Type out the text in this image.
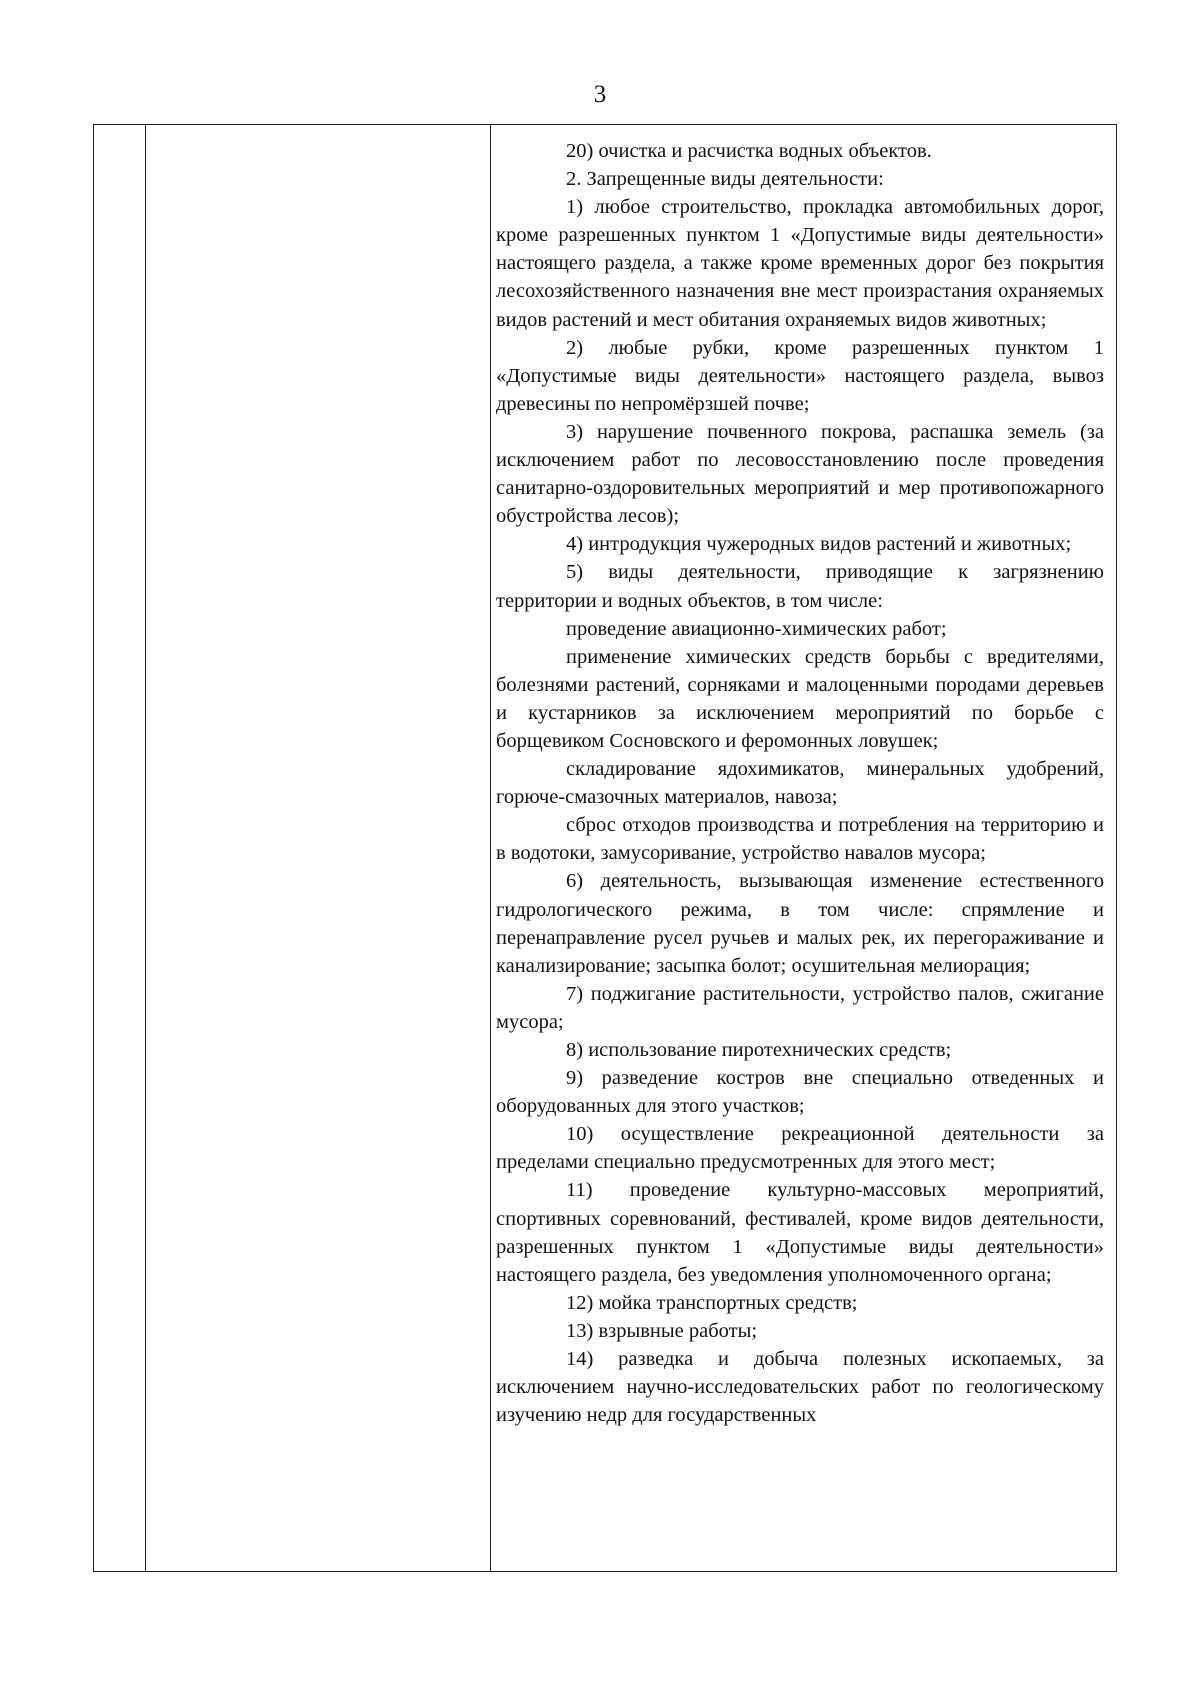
3

20) очистка и расчистка водных объектов.

2. Запрещенные виды деятельности:

1) любое строительство, прокладка автомобильных дорог, кроме разрешенных пунктом 1 «Допустимые виды деятельности» настоящего раздела, а также кроме временных дорог без покрытия лесохозяйственного назначения вне мест произрастания охраняемых видов растений и мест обитания охраняемых видов животных;

2) любые рубки, кроме разрешенных пунктом 1 «Допустимые виды деятельности» настоящего раздела, вывоз древесины по непромёрзшей почве;

3) нарушение почвенного покрова, распашка земель (за исключением работ по лесовосстановлению после проведения санитарно-оздоровительных мероприятий и мер противопожарного обустройства лесов);

4) интродукция чужеродных видов растений и животных;

5) виды деятельности, приводящие к загрязнению территории и водных объектов, в том числе:

проведение авиационно-химических работ;

применение химических средств борьбы с вредителями, болезнями растений, сорняками и малоценными породами деревьев и кустарников за исключением мероприятий по борьбе с борщевиком Сосновского и феромонных ловушек;

складирование ядохимикатов, минеральных удобрений, горюче-смазочных материалов, навоза;

сброс отходов производства и потребления на территорию и в водотоки, замусоривание, устройство навалов мусора;

6) деятельность, вызывающая изменение естественного гидрологического режима, в том числе: спрямление и перенаправление русел ручьев и малых рек, их перегораживание и канализирование; засыпка болот; осушительная мелиорация;

7) поджигание растительности, устройство палов, сжигание мусора;

8) использование пиротехнических средств;

9) разведение костров вне специально отведенных и оборудованных для этого участков;

10) осуществление рекреационной деятельности за пределами специально предусмотренных для этого мест;

11) проведение культурно-массовых мероприятий, спортивных соревнований, фестивалей, кроме видов деятельности, разрешенных пунктом 1 «Допустимые виды деятельности» настоящего раздела, без уведомления уполномоченного органа;

12) мойка транспортных средств;

13) взрывные работы;

14) разведка и добыча полезных ископаемых, за исключением научно-исследовательских работ по геологическому изучению недр для государственных
